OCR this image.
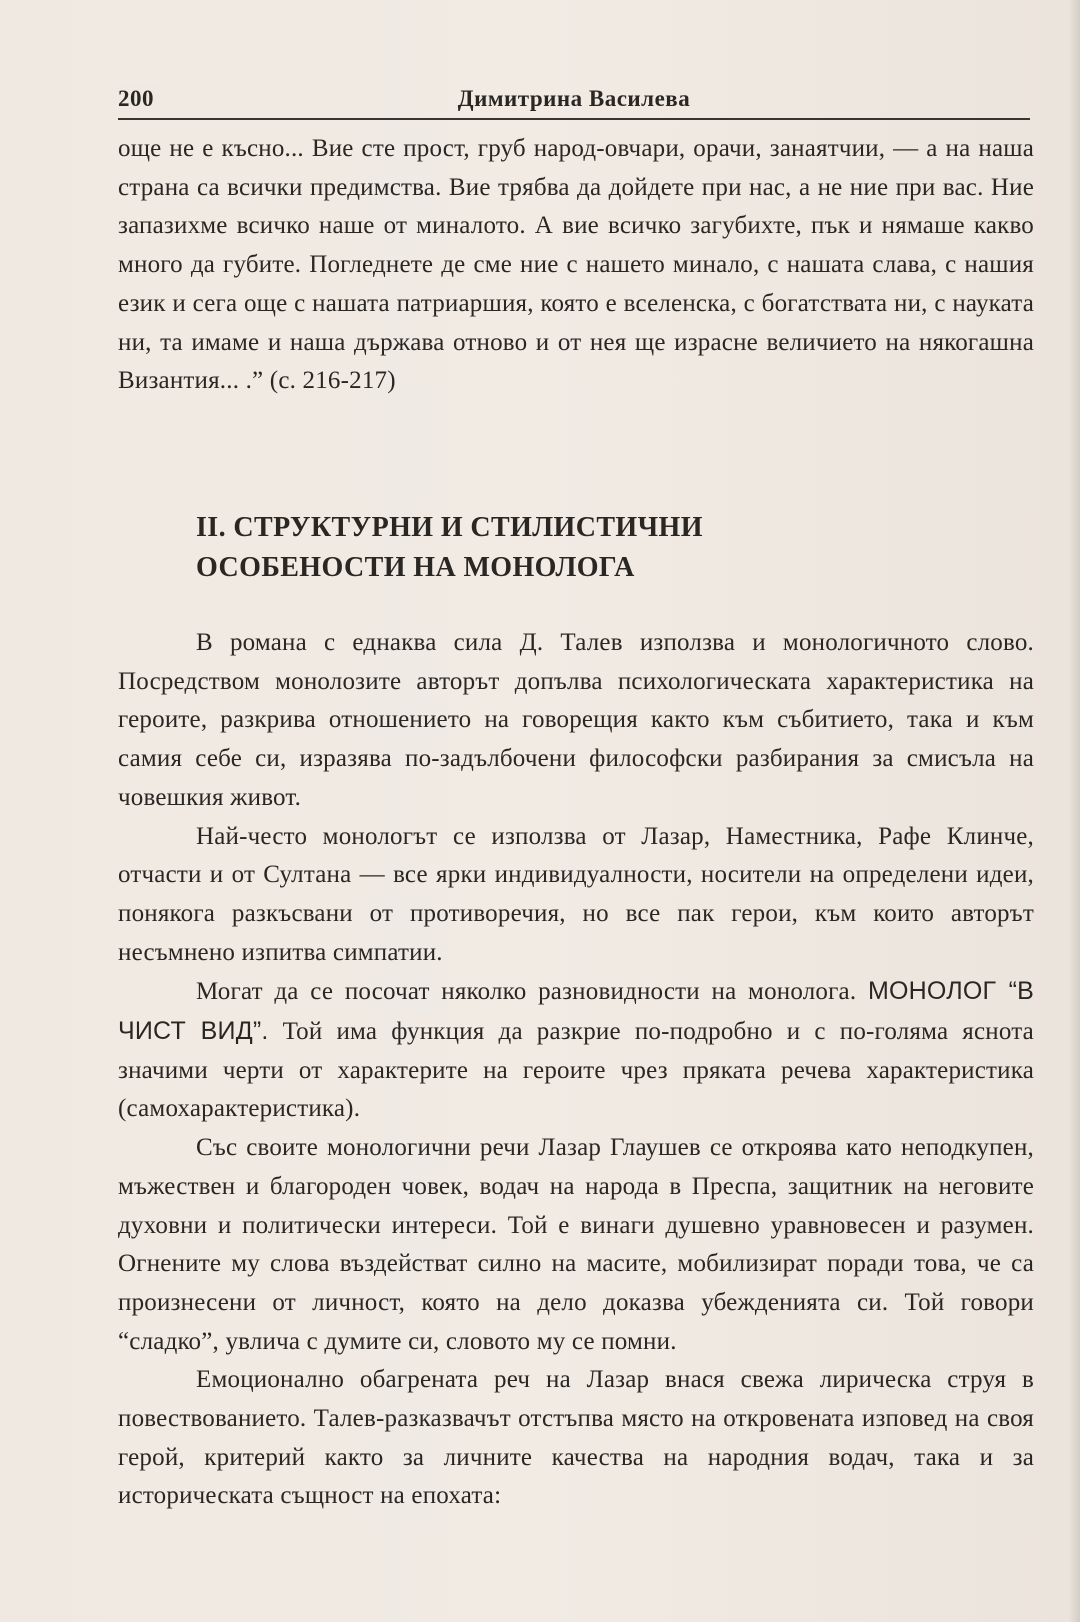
Димитрина Василева
200

още не е късно... Вие сте прост, груб народ-овчари, орачи, занаятчии, — а на наша страна са всички предимства. Вие трябва да дойдете при нас, а не ние при вас. Ние запазихме всичко наше от миналото. А вие всичко загубихте, пък и нямаше какво много да губите. Погледнете де сме ние с нашето минало, с нашата слава, с нашия език и сега още с нашата патриаршия, която е вселенска, с богатствата ни, с науката ни, та имаме и наша държава отново и от нея ще израсне величието на някогашна Византия... .” (с. 216-217)

II. СТРУКТУРНИ И СТИЛИСТИЧНИ
ОСОБЕНОСТИ НА МОНОЛОГА

В романа с еднаква сила Д. Талев използва и монологичното слово. Посредством монолозите авторът допълва психологическата характеристика на героите, разкрива отношението на говорещия както към събитието, така и към самия себе си, изразява по-задълбочени философски разбирания за смисъла на човешкия живот.

Най-често монологът се използва от Лазар, Наместника, Рафе Клинче, отчасти и от Султана — все ярки индивидуалности, носители на определени идеи, понякога разкъсвани от противоречия, но все пак герои, към които авторът несъмнено изпитва симпатии.

Могат да се посочат няколко разновидности на монолога. МОНОЛОГ “В ЧИСТ ВИД”. Той има функция да разкрие по-подробно и с по-голяма яснота значими черти от характерите на героите чрез пряката речева характеристика (самохарактеристика).

Със своите монологични речи Лазар Глаушев се откроява като неподкупен, мъжествен и благороден човек, водач на народа в Преспа, защитник на неговите духовни и политически интереси. Той е винаги душевно уравновесен и разумен. Огнените му слова въздействат силно на масите, мобилизират поради това, че са произнесени от личност, която на дело доказва убежденията си. Той говори “сладко”, увлича с думите си, словото му се помни.

Емоционално обагрената реч на Лазар внася свежа лирическа струя в повествованието. Талев-разказвачът отстъпва място на откровената изповед на своя герой, критерий както за личните качества на народния водач, така и за историческата същност на епохата:
